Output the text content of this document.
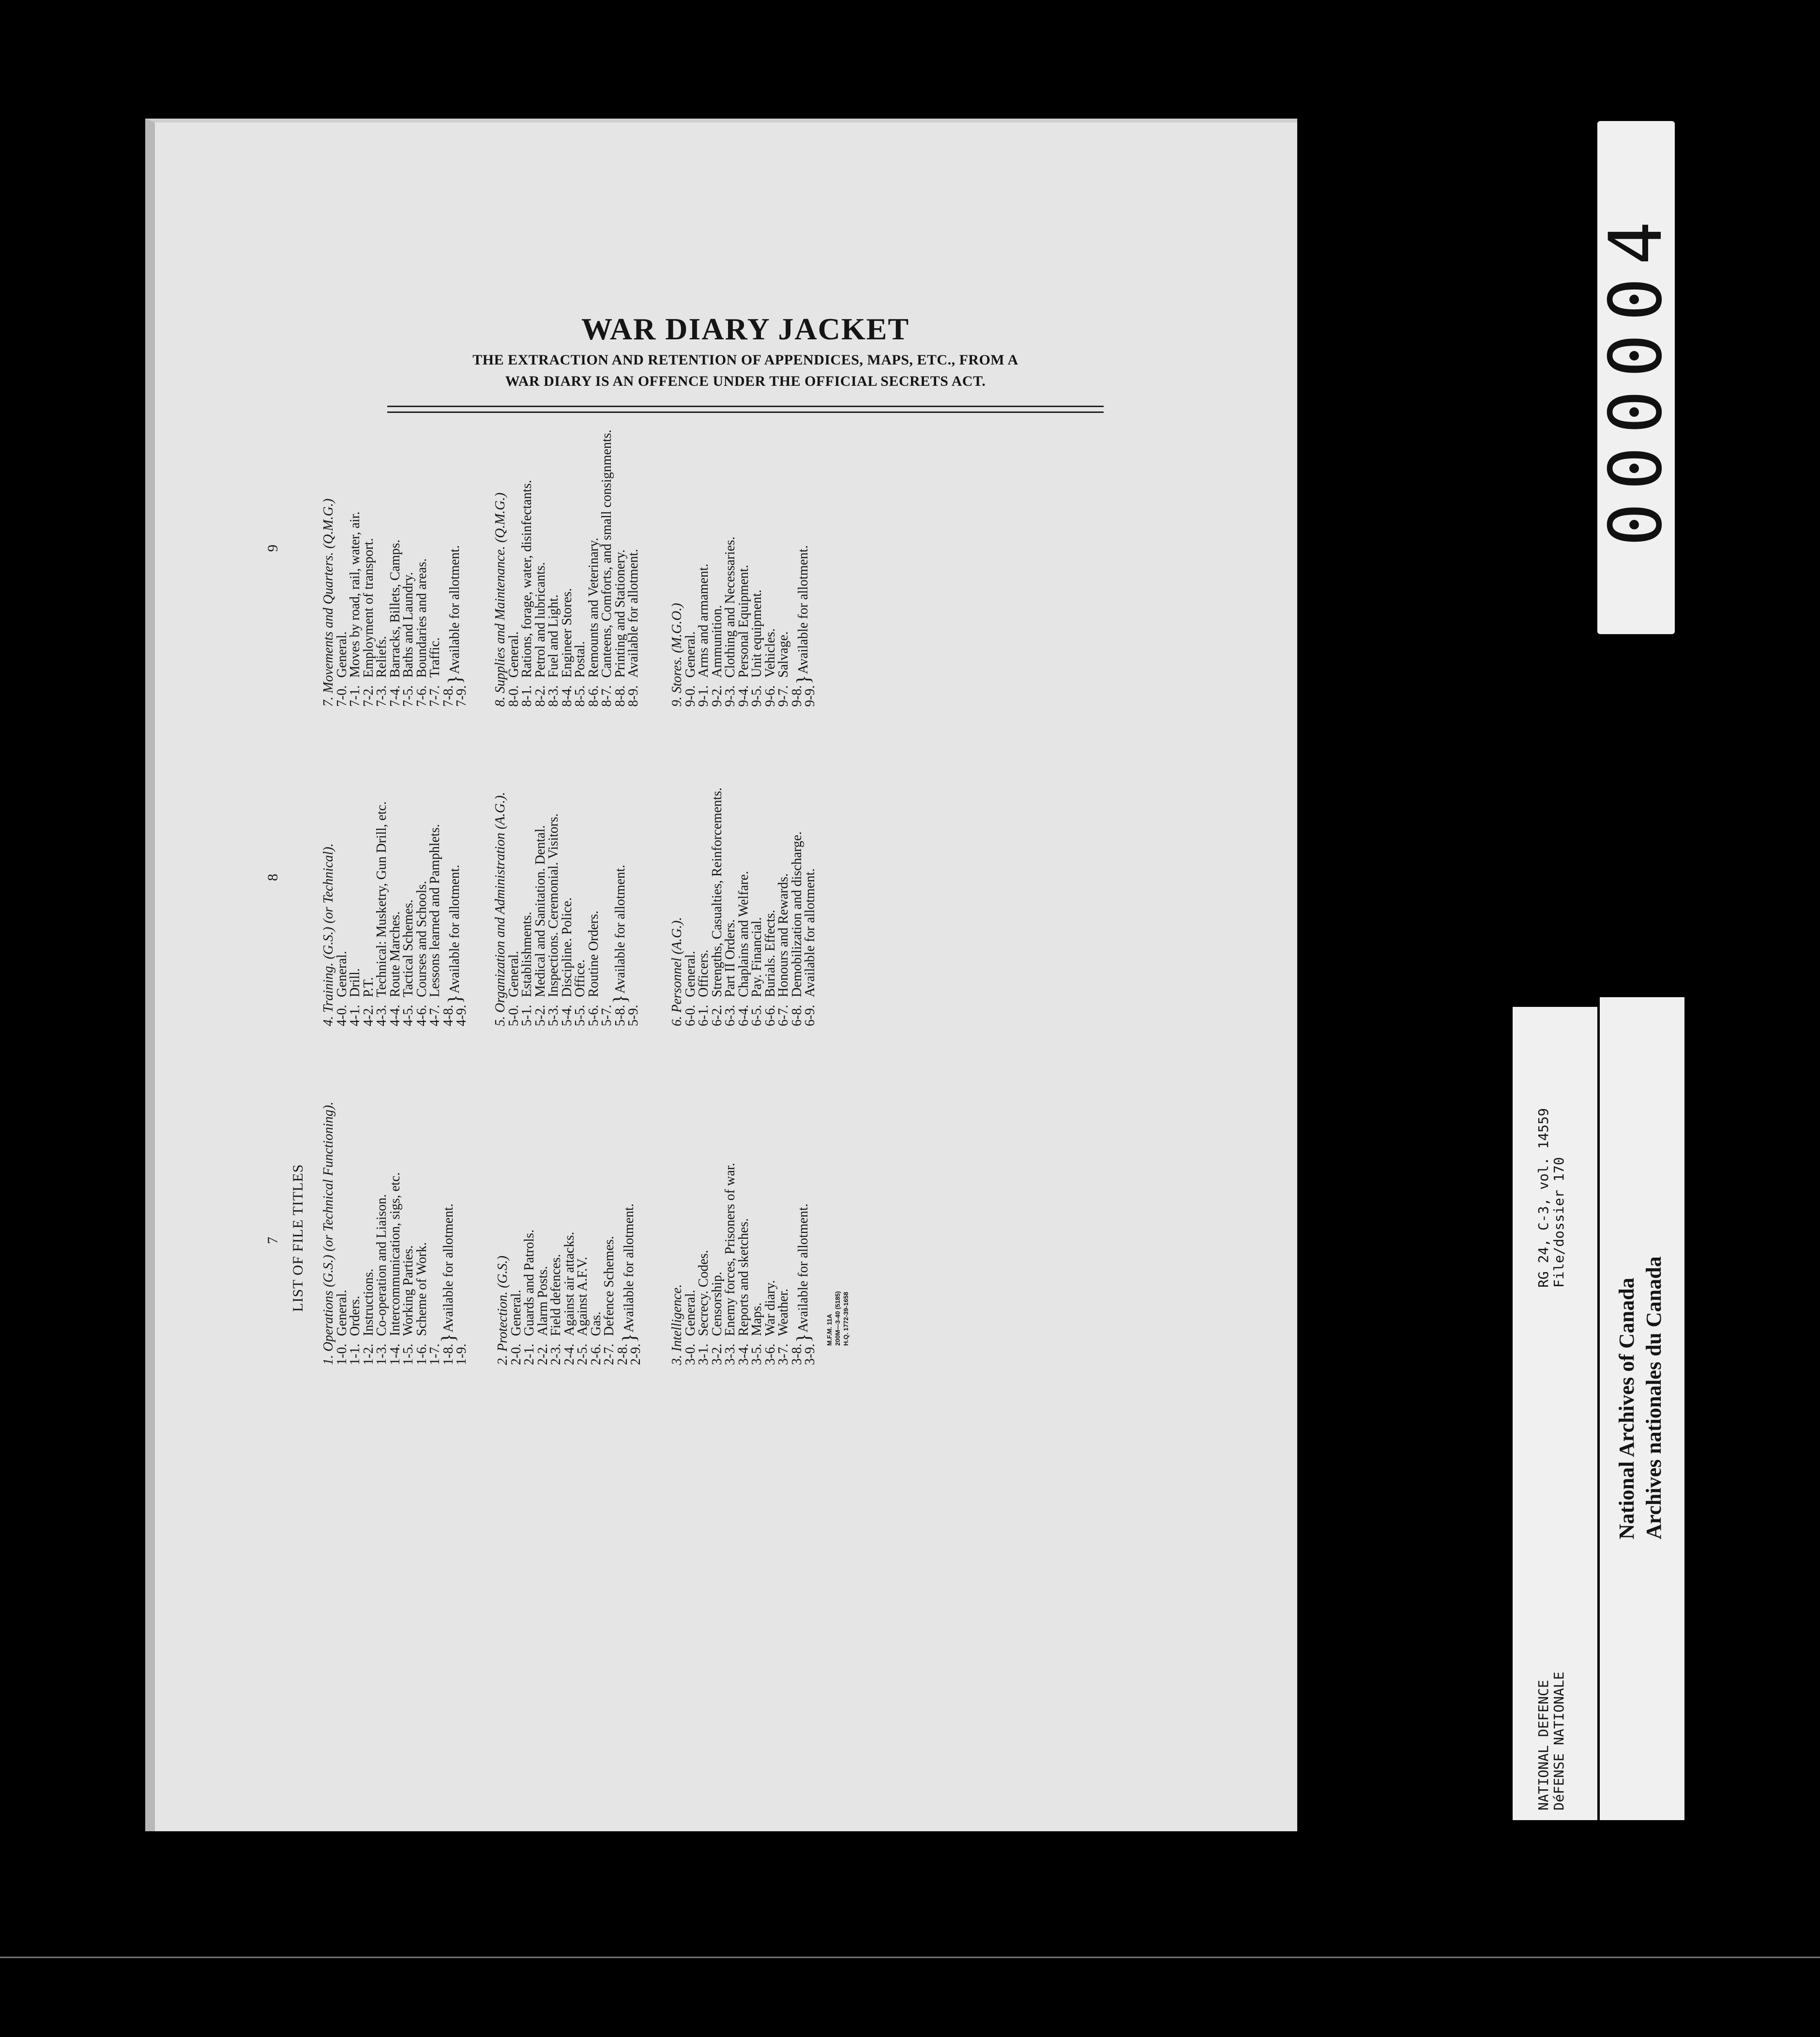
WAR DIARY JACKET
THE EXTRACTION AND RETENTION OF APPENDICES, MAPS, ETC., FROM A
WAR DIARY IS AN OFFENCE UNDER THE OFFICIAL SECRETS ACT.
7
8
9
LIST OF FILE TITLES 1. Operations (G.S.) (or Technical Functioning).
1-0.General.
1-1.Orders.
1-2.Instructions.
1-3.Co-operation and Liaison.
1-4.Intercommunication, sigs, etc.
1-5.Working Parties.
1-6.Scheme of Work.
1-7.
1-8.
1-9.
}
Available for allotment.	2. Protection. (G.S.)
2-0.General.
2-1.Guards and Patrols.
2-2.Alarm Posts.
2-3.Field defences.
2-4.Against air attacks.
2-5.Against A.F.V.
2-6.Gas.
2-7.Defence Schemes.
2-8.
2-9.
}
Available for allotment. 3. Intelligence.
3-0.General.
3-1.Secrecy. Codes.
3-2.Censorship.
3-3.Enemy forces, Prisoners of war.
3-4.Reports and sketches.
3-5.Maps.
3-6.War diary.
3-7.Weather.
3-8.
3-9.
}
Available for allotment. M.F.M. 11A 200M—3-40 (5185) H.Q. 1772-39-1658
4. Training. (G.S.) (or Technical).
4-0.General.
4-1.Drill.
4-2.P.T.
4-3.Technical: Musketry, Gun Drill, etc.
4-4.Route Marches.
4-5.Tactical Schemes.
4-6.Courses and Schools.
4-7.Lessons learned and Pamphlets.
4-8.
4-9.
}
Available for allotment. 5. Organization and Administration (A.G.).
5-0.General.
5-1.Establishments.
5-2.Medical and Sanitation. Dental.
5-3.Inspections. Ceremonial. Visitors.
5-4.Discipline. Police.
5-5.Office.
5-6.Routine Orders.
5-7.
5-8.
5-9.
}
Available for allotment.	6. Personnel (A.G.).
6-0.General.
6-1.Officers.
6-2.Strengths, Casualties, Reinforcements.
6-3.Part II Orders.
6-4.Chaplains and Welfare.
6-5.Pay. Financial.
6-6.Burials. Effects.
6-7.Honours and Rewards.
6-8.Demobilization and discharge.
6-9.Available for allotment.
7. Movements and Quarters. (Q.M.G.)
7-0.General.
7-1.Moves by road, rail, water, air.
7-2.Employment of transport.
7-3.Reliefs.
7-4.Barracks, Billets, Camps.
7-5.Baths and Laundry.
7-6.Boundaries and areas.
7-7.Traffic.
7-8.
7-9.
}
Available for allotment. 8. Supplies and Maintenance. (Q.M.G.)
8-0.General.
8-1.Rations, forage, water, disinfectants.
8-2.Petrol and lubricants.
8-3.Fuel and Light.
8-4.Engineer Stores.
8-5.Postal.
8-6.Remounts and Veterinary.
8-7.Canteens, Comforts, and small consignments.
8-8.Printing and Stationery.
8-9.Available for allotment. 9. Stores. (M.G.O.)
9-0.General.
9-1.Arms and armament.
9-2.Ammunition.
9-3.Clothing and Necessaries.
9-4.Personal Equipment.
9-5.Unit equipment.
9-6.Vehicles.
9-7.Salvage.
9-8.
9-9.
}
Available for allotment.
000004
NATIONAL DEFENCE DéFENSE NATIONALE
RG 24, C-3, vol. 14559 File/dossier 170
National Archives of Canada Archives nationales du Canada
